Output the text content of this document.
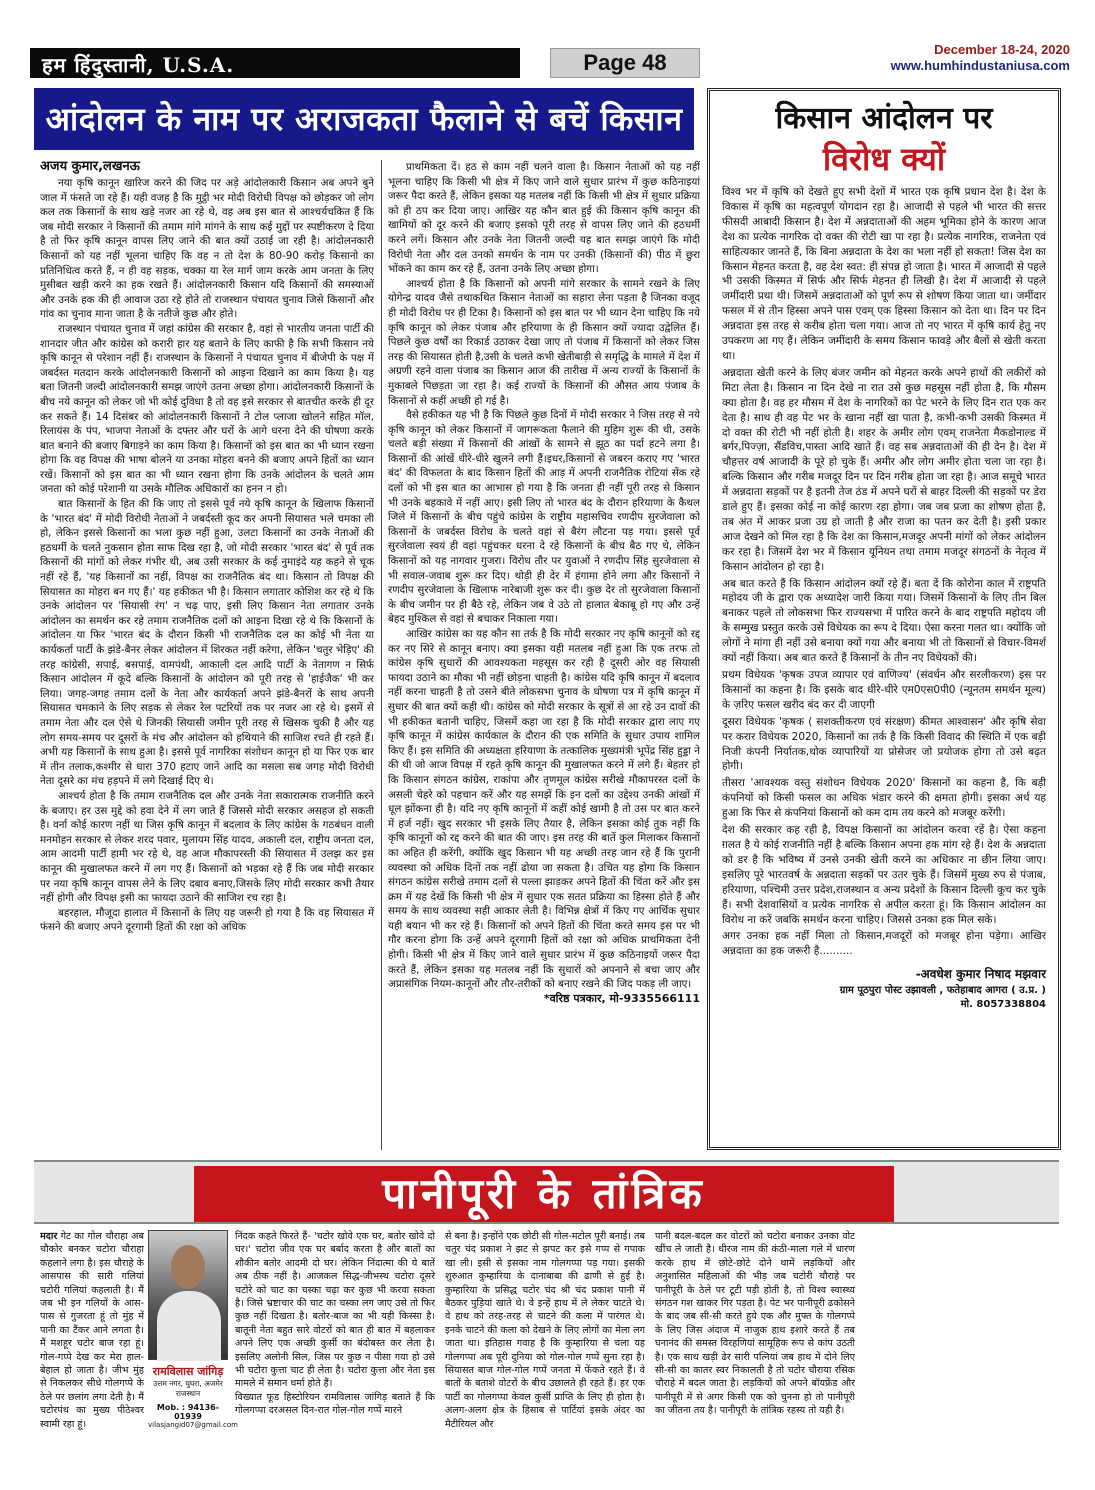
हम हिंदुस्तानी, U.S.A.	Page 48
December 18-24, 2020
www.humhindustaniusa.com
आंदोलन के नाम पर अराजकता फैलाने से बचें किसान
अजय कुमार,लखनऊ

नया कृषि कानून खारिज करने की जिद पर अड़े आंदोलकारी किसान अब अपने बुने जाल में फंसते जा रहे हैं। यही वजह है कि मुट्ठी भर मोदी विरोधी विपक्ष को छोड़कर जो लोग कल तक किसानों के साथ खड़े नजर आ रहे थे, वह अब इस बात से आश्चर्यचकित हैं कि जब मोदी सरकार ने किसानों की तमाम मांगे मांगने के साथ कई मुद्दों पर स्पष्टीकरण दे दिया है तो फिर कृषि कानून वापस लिए जाने की बात क्यों उठाई जा रही है। आंदोलनकारी किसानों को यह नहीं भूलना चाहिए कि वह न तो देश के 80-90 करोड़ किसानो का प्रतिनिधित्व करते हैं, न ही वह सड़क, चक्का या रेल मार्ग जाम करके आम जनता के लिए मुसीबत खड़ी करने का हक रखते हैं। आंदोलनकारी किसान यदि किसानों की समस्याओं और उनके हक की ही आवाज उठा रहे होते तो राजस्थान पंचायत चुनाव जिसे किसानों और गांव का चुनाव माना जाता है के नतीजे कुछ और होते।

राजस्थान पंचायत चुनाव में जहां कांग्रेस की सरकार है, वहां से भारतीय जनता पार्टी की शानदार जीत और कांग्रेस को करारी हार यह बताने के लिए काफी है कि सभी किसान नये कृषि कानून से परेशान नहीं हैं। राजस्थान के किसानों ने पंचायत चुनाव में बीजेपी के पक्ष में जबर्दस्त मतदान करके आंदोलनकारी किसानों को आइना दिखाने का काम किया है। यह बता जितनी जल्दी आंदोलनकारी समझ जाएंगे उतना अच्छा होगा। आंदोलनकारी किसानों के बीच नये कानून को लेकर जो भी कोई दुविधा है तो वह इसे सरकार से बातचीत करके ही दूर कर सकते हैं। 14 दिसंबर को आंदोलनकारी किसानों ने टोल प्लाजा खोलने सहित मॉल, रिलायंस के पंप, भाजपा नेताओं के दफ्तर और घरों के आगे धरना देने की घोषणा करके बात बनाने की बजाए बिगाड़ने का काम किया है। किसानों को इस बात का भी ध्यान रखना होगा कि वह विपक्ष की भाषा बोलने या उनका मोहरा बनने की बजाए अपने हितों का ध्यान रखें। किसानों को इस बात का भी ध्यान रखना होगा कि उनके आंदोलन के चलते आम जनता को कोई परेशानी या उसके मौलिक अधिकारों का हनन न हो।

बात किसानों के हित की कि जाए तो इससे पूर्व नये कृषि कानून के खिलाफ किसानों के 'भारत बंद' में मोदी विरोधी नेताओं ने जबर्दस्ती कूद कर अपनी सियासत भले चमका ली हो, लेकिन इससे किसानों का भला कुछ नहीं हुआ, उलटा किसानों का उनके नेताओं की हठधर्मी के चलते नुकसान होता साफ दिख रहा है, जो मोदी सरकार 'भारत बंद' से पूर्व तक किसानों की मांगों को लेकर गंभीर थी, अब उसी सरकार के कई नुमाइंदे यह कहने से चूक नहीं रहे हैं, 'यह किसानों का नहीं, विपक्ष का राजनैतिक बंद था। किसान तो विपक्ष की सियासत का मोहरा बन गए हैं।' यह हकीकत भी है। किसान लगातार कोशिश कर रहे थे कि उनके आंदोलन पर 'सियासी रंग' न चढ़ पाए, इसी लिए किसान नेता लगातार उनके आंदोलन का समर्थन कर रहे तमाम राजनैतिक दलों को आइना दिखा रहे थे कि किसानों के आंदोलन या फिर 'भारत बंद के दौरान किसी भी राजनैतिक दल का कोई भी नेता या कार्यकर्ता पार्टी के झंडे-बैनर लेकर आंदोलन में शिरकत नहीं करेगा, लेकिन 'चतुर भेड़िए' की तरह कांग्रेसी, सपाई, बसपाई, वामपंथी, आकाली दल आदि पार्टी के नेतागण न सिर्फ किसान आंदोलन में कूदे बल्कि किसानों के आंदोलन को पूरी तरह से 'हाईजैक' भी कर लिया। जगह-जगह तमाम दलों के नेता और कार्यकर्ता अपने झंडे-बैनरों के साथ अपनी सियासत चमकाने के लिए सड़क से लेकर रेल पटरियों तक पर नजर आ रहे थे। इसमें से तमाम नेता और दल ऐसे थे जिनकी सियासी जमीन पूरी तरह से खिसक चुकी है और यह लोग समय-समय पर दूसरों के मंच और आंदोलन को हथियाने की साजिश रचते ही रहते हैं। अभी यह किसानों के साथ हुआ है। इससे पूर्व नागरिका संशोधन कानून हो या फिर एक बार में तीन तलाक,कश्मीर से धारा 370 हटाए जाने आदि का मसला सब जगह मोदी विरोधी नेता दूसरे का मंच हड़पने में लगे दिखाई दिए थे।

आश्चर्य होता है कि तमाम राजनैतिक दल और उनके नेता सकारात्मक राजनीति करने के बजाए। हर उस मुद्दे को हवा देने में लग जाते हैं जिससे मोदी सरकार असहज हो सकती है। वर्ना कोई कारण नहीं था जिस कृषि कानून में बदलाव के लिए कांग्रेस के गठबंधन वाली मनमोहन सरकार से लेकर शरद पवार, मुलायम सिंह यादव, अकाली दल, राष्ट्रीय जनता दल, आम आदमी पार्टी हामी भर रहे थे, वह आज मौकापरस्ती की सियासत में उलझ कर इस कानून की मुखालफत करने में लग गए हैं। किसानों को भड़का रहे हैं कि जब मोदी सरकार पर नया कृषि कानून वापस लेने के लिए दबाव बनाए,जिसके लिए मोदी सरकार कभी तैयार नहीं होगी और विपक्ष इसी का फायदा उठाने की साजिश रच रहा है।

बहरहाल, मौजूदा हालात में किसानों के लिए यह जरूरी हो गया है कि वह सियासत में फंसने की बजाए अपने दूरगामी हितों की रक्षा को अधिक

प्राथमिकता दें। हठ से काम नहीं चलने वाला है। किसान नेताओं को यह नहीं भूलना चाहिए कि किसी भी क्षेत्र में किए जाने वाले सुधार प्रारंभ में कुछ कठिनाइयां जरूर पैदा करते हैं, लेकिन इसका यह मतलब नहीं कि किसी भी क्षेत्र में सुधार प्रक्रिया को ही ठप कर दिया जाए। आखिर यह कौन बात हुई की किसान कृषि कानून की खामियों को दूर करने की बजाए इसको पूरी तरह से वापस लिए जाने की हठधर्मी करने लगें। किसान और उनके नेता जितनी जल्दी यह बात समझ जाएंगे कि मोदी विरोधी नेता और दल उनको समर्थन के नाम पर उनकी (किसानों की) पीठ में छुरा भोंकने का काम कर रहे हैं, उतना उनके लिए अच्छा होगा।

आश्चर्य होता है कि किसानों को अपनी मांगे सरकार के सामने रखने के लिए योगेन्द्र यादव जैसे तथाकथित किसान नेताओं का सहारा लेना पड़ता है जिनका वजूद ही मोदी विरोध पर ही टिका है। किसानों को इस बात पर भी ध्यान देना चाहिए कि नये कृषि कानून को लेकर पंजाब और हरियाणा के ही किसान क्यों ज्यादा उद्वेलित हैं। पिछले कुछ वर्षों का रिकार्ड उठाकर देखा जाए तो पंजाब में किसानों को लेकर जिस तरह की सियासत होती है,उसी के चलते कभी खेतीबाड़ी से समृद्धि के मामले में देश में अग्रणी रहने वाला पंजाब का किसान आज की तारीख में अन्य राज्यों के किसानों के मुकाबले पिछड़ता जा रहा है। कई राज्यों के किसानों की औसत आय पंजाब के किसानों से कहीं अच्छी हो गई है।

वैसे हकीकत यह भी है कि पिछले कुछ दिनों में मोदी सरकार ने जिस तरह से नये कृषि कानून को लेकर किसानों में जागरूकता फैलाने की मुहिम शुरू की थी, उसके चलते बड़ी संख्या में किसानों की आंखों के सामने से झूठ का पर्दा हटने लगा है। किसानों की आंखें धीरे-धीरे खुलने लगी हैं।इधर,किसानों से जबरन कराए गए 'भारत बंद' की विफलता के बाद किसान हितों की आड़ में अपनी राजनैतिक रोटियां सेंक रहे दलों को भी इस बात का आभास हो गया है कि जनता ही नहीं पूरी तरह से किसान भी उनके बहकावे में नहीं आए। इसी लिए तो भारत बंद के दौरान हरियाणा के कैथल जिले में किसानों के बीच पहुंचे कांग्रेस के राष्ट्रीय महासचिव रणदीप सुरजेवाला को किसानों के जबर्दस्त विरोध के चलते वहां से बैरंग लौटना पड़ गया। इससे पूर्व सुरजेवाला स्वयं ही वहां पहुंचकर धरना दे रहे किसानों के बीच बैठ गए थे, लेकिन किसानों को यह नागवार गुजरा। विरोध तौर पर युवाओं ने रणदीप सिंह सुरजेवाला से भी सवाल-जवाब शुरू कर दिए। थोड़ी ही देर में हंगामा होने लगा और किसानों ने रणदीप सुरजेवाला के खिलाफ नारेबाजी शुरू कर दी। कुछ देर तो सुरजेवाला किसानों के बीच जमीन पर ही बैठे रहे, लेकिन जब वे उठे तो हालात बेकाबू हो गए और उन्हें बेहद मुश्किल से वहां से बचाकर निकाला गया।

आखिर कांग्रेस का यह कौन सा तर्क है कि मोदी सरकार नए कृषि कानूनों को रद्द कर नए सिरे से कानून बनाए। क्या इसका यही मतलब नहीं हुआ कि एक तरफ तो कांग्रेस कृषि सुधारों की आवश्यकता महसूस कर रही है दूसरी ओर वह सियासी फायदा उठाने का मौका भी नहीं छोड़ना चाहती है। कांग्रेस यदि कृषि कानून में बदलाव नहीं करना चाहती है तो उसने बीते लोकसभा चुनाव के घोषणा पत्र में कृषि कानून में सुधार की बात क्यों कही थी। कांग्रेस को मोदी सरकार के सूत्रों से आ रहे उन दावों की भी हकीकत बतानी चाहिए, जिसमें कहा जा रहा है कि मोदी सरकार द्वारा लाए गए कृषि कानून में कांग्रेस कार्यकाल के दौरान की एक समिति के सुधार उपाय शामिल किए हैं। इस समिति की अध्यक्षता हरियाणा के तत्कालिक मुख्यमंत्री भूपेंद्र सिंह हुड्डा ने की थी जो आज विपक्ष में रहते कृषि कानून की मुखालफत करने में लगे हैं। बेहतर हो कि किसान संगठन कांग्रेस, राकांपा और तृणमूल कांग्रेस सरीखे मौकापरस्त दलों के असली चेहरे को पहचान करें और यह समझें कि इन दलों का उद्देश्य उनकी आंखों में धूल झोंकना ही है। यदि नए कृषि कानूनों में कहीं कोई खामी है तो उस पर बात करने में हर्ज नहीं। खुद सरकार भी इसके लिए तैयार है, लेकिन इसका कोई तुक नहीं कि कृषि कानूनों को रद्द करने की बात की जाए। इस तरह की बातें कुल मिलाकर किसानों का अहित ही करेंगी, क्योंकि खुद किसान भी यह अच्छी तरह जान रहे हैं कि पुरानी व्यवस्था को अधिक दिनों तक नहीं ढोया जा सकता है। उचित यह होगा कि किसान संगठन कांग्रेस सरीखे तमाम दलों से पल्ला झाड़कर अपने हितों की चिंता करें और इस क्रम में यह देखें कि किसी भी क्षेत्र में सुधार एक सतत प्रक्रिया का हिस्सा होते हैं और समय के साथ व्यवस्था सही आकार लेती है। विभिन्न क्षेत्रों में किए गए आर्थिक सुधार यही बयान भी कर रहे हैं। किसानों को अपने हितों की चिंता करते समय इस पर भी गौर करना होगा कि उन्हें अपने दूरगामी हितों को रक्षा को अधिक प्राथमिकता देनी होगी। किसी भी क्षेत्र में किए जाने वाले सुधार प्रारंभ में कुछ कठिनाइयों जरूर पैदा करते हैं, लेकिन इसका यह मतलब नहीं कि सुधारों को अपनाने से बचा जाए और अप्रासंगिक नियम-कानूनों और तौर-तरीकों को बनाए रखने की जिद पकड़ ली जाए।

*वरिष्ठ पत्रकार, मो-9335566111
किसान आंदोलन पर
विरोध क्यों

विश्व भर में कृषि को देखते हुए सभी देशों में भारत एक कृषि प्रधान देश है। देश के विकास में कृषि का महत्वपूर्ण योगदान रहा है। आजादी से पहले भी भारत की सत्तर फीसदी आबादी किसान है। देश में अन्नदाताओं की अहम भूमिका होने के कारण आज देश का प्रत्येक नागरिक दो वक्त की रोटी खा पा रहा है। प्रत्येक नागरिक, राजनेता एवं साहित्यकार जानते हैं, कि बिना अन्नदाता के देश का भला नहीं हो सकता! जिस देश का किसान मेहनत करता है, वह देश स्वत: ही संपन्न हो जाता है। भारत में आजादी से पहले भी उसकी किस्मत में सिर्फ और सिर्फ मेहनत ही लिखी है। देश में आजादी से पहले जमींदारी प्रथा थी। जिसमें अन्नदाताओं को पूर्ण रूप से शोषण किया जाता था। जमींदार फसल में से तीन हिस्सा अपने पास एवम् एक हिस्सा किसान को देता था। दिन पर दिन अन्नदाता इस तरह से करीब होता चला गया। आज तो नए भारत में कृषि कार्य हेतु नए उपकरण आ गए हैं। लेकिन जमींदारी के समय किसान फावड़े और बैलों से खेती करता था।

अन्नदाता खेती करने के लिए बंजर जमीन को मेहनत करके अपने हाथों की लकीरों को मिटा लेता है। किसान ना दिन देखे ना रात उसे कुछ महसूस नहीं होता है, कि मौसम क्या होता है। वह हर मौसम में देश के नागरिकों का पेट भरने के लिए दिन रात एक कर देता है। साथ ही वह पेट भर के खाना नहीं खा पाता है, कभी-कभी उसकी किस्मत में दो वक्त की रोटी भी नहीं होती है। शहर के अमीर लोग एवम् राजनेता मैकडोनाल्ड में बर्गर,पिज्ज़ा, सैंडविच,पास्ता आदि खाते हैं। वह सब अन्नदाताओं की ही देन है। देश में चौहत्तर वर्ष आजादी के पूरे हो चुके हैं। अमीर और लोग अमीर होता चला जा रहा है। बल्कि किसान और गरीब मजदूर दिन पर दिन गरीब होता जा रहा है। आज समूचे भारत में अन्नदाता सड़कों पर है इतनी तेज ठंड में अपने घरों से बाहर दिल्ली की सड़कों पर डेरा डाले हुए हैं। इसका कोई ना कोई कारण रहा होगा। जब जब प्रजा का शोषण होता है, तब अंत में आकर प्रजा उग्र हो जाती है और राजा का पतन कर देती है। इसी प्रकार आज देखने को मिल रहा है कि देश का किसान,मजदूर अपनी मांगों को लेकर आंदोलन कर रहा है। जिसमें देश भर में किसान यूनियन तथा तमाम मजदूर संगठनों के नेतृत्व में किसान आंदोलन हो रहा है।

अब बात करते हैं कि किसान आंदोलन क्यों रहे हैं। बता दें कि कोरोना काल में राष्ट्रपति महोदय जी के द्वारा एक अध्यादेश जारी किया गया। जिसमें किसानों के लिए तीन बिल बनाकर पहले तो लोकसभा फिर राज्यसभा में पारित करने के बाद राष्ट्रपति महोदय जी के सम्मुख प्रस्तुत करके उसे विधेयक का रूप दे दिया। ऐसा करना गलत था। क्योंकि जो लोगों ने मांगा ही नहीं उसे बनाया क्यों गया और बनाया भी तो किसानों से विचार-विमर्श क्यों नहीं किया। अब बात करते हैं किसानों के तीन नए विधेयकों की।

प्रथम विधेयक 'कृषक उपज व्यापार एवं वाणिज्य' (संवर्धन और सरलीकरण) इस पर किसानों का कहना है। कि इसके बाद धीरे-धीरे एम0एस0पी0 (न्यूनतम समर्थन मूल्य) के ज़रिए फसल खरीद बंद कर दी जाएगी

दूसरा विधेयक 'कृषक ( सशक्तीकरण एवं संरक्षण) कीमत आश्वासन' और कृषि सेवा पर करार विधेयक 2020, किसानों का तर्क है कि किसी विवाद की स्थिति में एक बड़ी निजी कंपनी निर्यातक,थोक व्यापारियों या प्रोसेजर जो प्रयोजक होगा तो उसे बढ़त होगी।

तीसरा 'आवश्यक वस्तु संशोधन विधेयक 2020' किसानों का कहना है, कि बड़ी कंपनियों को किसी फसल का अधिक भंडार करने की क्षमता होगी। इसका अर्थ यह हुआ कि फिर से कंपनियां किसानों को कम दाम तय करने को मजबूर करेंगी।

देश की सरकार कह रही है, विपक्ष किसानों का आंदोलन करवा रहें है। ऐसा कहना ग़लत है ये कोई राजनीति नहीं है बल्कि किसान अपना हक मांग रहे हैं। देश के अन्नदाता को डर है कि भविष्य में उनसे उनकी खेती करने का अधिकार ना छीन लिया जाए। इसलिए पूरे भारतवर्ष के अन्नदाता सड़कों पर उतर चुके हैं। जिसमें मुख्य रुप से पंजाब, हरियाणा, पश्चिमी उत्तर प्रदेश,राजस्थान व अन्य प्रदेशों के किसान दिल्ली कूच कर चुके हैं। सभी देशवासियों व प्रत्येक नागरिक से अपील करता हूं। कि किसान आंदोलन का विरोध ना करें जबकि समर्थन करना चाहिए। जिससे उनका हक मिल सके।

अगर उनका हक नहीं मिला तो किसान,मजदूरों को मजबूर होना पड़ेगा। आखिर अन्नदाता का हक जरूरी है..........

-अवधेश कुमार निषाद मझवार
ग्राम पूठपुरा पोस्ट उझावली , फतेहाबाद आगरा ( उ.प्र. )
मो. 8057338804
पानीपूरी के तांत्रिक
मदार गेट का गोल चौराहा अब चौकोर बनकर चटोरा चौराहा कहलाने लगा है। इस चौराहे के आसपास की सारी गलियां चटोरी गलियां कहलाती है। मैं जब भी इन गलियों के आस-पास से गुजरता हूं तो मुंह में पानी का टैंकर आने लगता है। मैं मशहूर चटोर बाज रहा हूं। गोल-गप्पे देख कर मेरा हाल-बेहाल हो जाता है। जीभ मुंह से निकलकर सीधे गोलगप्पे के ठेले पर छलांग लगा देती है। मैं चटोरपंथ का मुख्य पीठेश्वर स्वामी रहा हूं।
रामविलास जांगिड़
उत्तम नगर, घुघरा, अजमेर राजस्थान
Mob. : 94136-01939
vilasjangid07@gmail.com
निंदक कहते फिरते हैं- 'चटोर खोवे एक घर, बतोर खोवे दो घर।' चटोरा जीव एक घर बर्बाद करता है और बातों का शौकीन बतोर आदमी दो घर। लेकिन निंदात्मा की ये बातें अब ठीक नहीं है। आजकल सिद्ध-जीभस्थ चटोरा दूसरे चटोरे को चाट का चस्का चढ़ा कर कुछ भी करवा सकता है। जिसे भ्रष्टाचार की चाट का चस्का लग जाए उसे तो फिर कुछ नहीं दिखता है। बतोर-बाज का भी यही किस्सा है। बातूनी नेता बहुत सारे वोटरों को बात ही बात में बहलाकर अपने लिए एक अच्छी कुर्सी का बंदोबस्त कर लेता है। इसलिए अलोनी सिल, जिस पर कुछ न पीसा गया हो उसे भी चटोरा कुत्ता चाट ही लेता है। चटोरा कुत्ता और नेता इस मामले में समान धर्मा होते हैं।
विख्यात फूड हिस्टोरियन रामविलास जांगिड़ बताते हैं कि गोलगप्पा दरअसल दिन-रात गोल-गोल गप्पें मारने
से बना है। इन्होंने एक छोटी सी गोल-मटोल पूरी बनाई। तब चतुर चंद प्रकाश ने झट से झपट कर इसे गप्प से गपाक खा ली। इसी से इसका नाम गोलगप्पा पड़ गया। इसकी शुरुआत कुम्हारिया के दानाबाबा की ढाणी से हुई है। कुम्हारिया के प्रसिद्ध चटोर चंद श्री चंद प्रकाश पानी में बैठकर पुड़ियां खाते थे। वे इन्हें हाथ में ले लेकर चाटते थे। वे हाथ को तरह-तरह से चाटने की कला में पारंगत थे। इनके चाटने की कला को देखने के लिए लोगों का मेला लग जाता था। इतिहास गवाह है कि कुम्हारिया से चला यह गोलगप्पा अब पूरी दुनिया को गोल-गोल गप्पें सुना रहा है। सियासत बाज गोल-गोल गप्पें जनता में फेंकते रहते हैं। वे बातों के बताशे वोटरों के बीच उछालते ही रहते हैं। हर एक पार्टी का गोलगप्पा केवल कुर्सी प्राप्ति के लिए ही होता है। अलग-अलग क्षेत्र के हिसाब से पार्टियां इसके अंदर का मैटीरियल और
पानी बदल-बदल कर वोटरों को चटोरा बनाकर उनका वोट खींच ले जाती है। धीरज नाम की कंठी-माला गले में धारण करके हाथ में छोटे-छोटे दोने थामें लड़कियों और अनुशासित महिलाओं की भीड़ जब चटोरी चौराहे पर पानीपूरी के ठेले पर टूटी पड़ी होती है, तो विश्व स्वास्थ्य संगठन गश खाकर गिर पड़ता है। पेट भर पानीपूरी ढकोसने के बाद जब सी-सी करते हुये एक और मुफ्त के गोलगप्पे के लिए जिस अंदाज में नाजुक हाथ इशारे करते हैं तब घनानंद की समस्त विरहणियां सामूहिक रूप से कांप उठती है। एक साथ खड़ी ढेर सारी पत्नियां जब हाथ में दोने लिए सी-सी का कातर स्वर निकालती है तो चटोर चौराया रसिक चौराहे में बदल जाता है। लड़कियों को अपने बॉयफ्रेंड और पानीपूरी में से अगर किसी एक को चुनना हो तो पानीपूरी का जीतना तय है। पानीपूरी के तांत्रिक रहस्य तो यही है।
